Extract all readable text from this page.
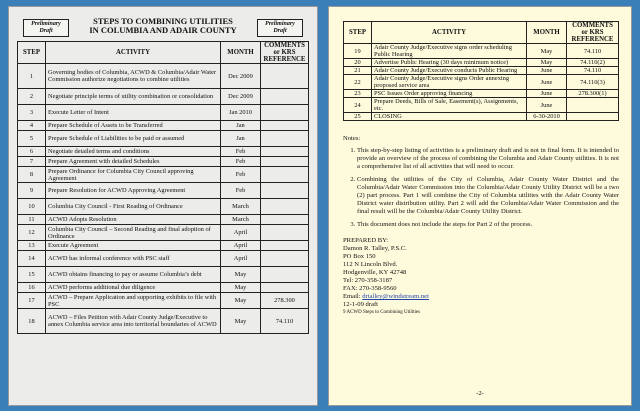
Preliminary Draft
STEPS TO COMBINING UTILITIES
IN COLUMBIA AND ADAIR COUNTY
Preliminary Draft
STEP	ACTIVITY	MONTH	COMMENTS or KRS REFERENCE
1	Governing bodies of Columbia, ACWD & Columbia/Adair Water Commission authorize negotiations to combine utilities	Dec 2009	
2	Negotiate principle terms of utility combination or consolidation	Dec 2009	
3	Execute Letter of Intent	Jan 2010	
4	Prepare Schedule of Assets to be Transferred	Jan	
5	Prepare Schedule of Liabilities to be paid or assumed	Jan	
6	Negotiate detailed terms and conditions	Feb	
7	Prepare Agreement with detailed Schedules	Feb	
8	Prepare Ordinance for Columbia City Council approving Agreement	Feb	
9	Prepare Resolution for ACWD Approving Agreement	Feb	
10	Columbia City Council - First Reading of Ordinance	March	
11	ACWD Adopts Resolution	March	
12	Columbia City Council – Second Reading and final adoption of Ordinance	April	
13	Execute Agreement	April	
14	ACWD has informal conference with PSC staff	April	
15	ACWD obtains financing to pay or assume Columbia’s debt	May	
16	ACWD performs additional due diligence	May	
17	ACWD – Prepare Application and supporting exhibits to file with PSC	May	278.300
18	ACWD – Files Petition with Adair County Judge/Executive to annex Columbia service area into territorial boundaries of ACWD	May	74.110
STEP	ACTIVITY	MONTH	COMMENTS or KRS REFERENCE
19	Adair County Judge/Executive signs order scheduling Public Hearing	May	74.110
20	Advertise Public Hearing (30 days minimum notice)	May	74.110(2)
21	Adair County Judge/Executive conducts Public Hearing	June	74.110
22	Adair County Judge/Executive signs Order annexing proposed service area	June	74.110(3)
23	PSC Issues Order approving financing	June	278.300(1)
24	Prepare Deeds, Bills of Sale, Easement(s), Assignments, etc.	June	
25	CLOSING	6-30-2010	
Notes:
1. This step-by-step listing of activities is a preliminary draft and is not in final form. It is intended to provide an overview of the process of combining the Columbia and Adair County utilities. It is not a comprehensive list of all activities that will need to occur.
2. Combining the utilities of the City of Columbia, Adair County Water District and the Columbia/Adair Water Commission into the Columbia/Adair County Utility District will be a two (2) part process. Part 1 will combine the City of Columbia utilities with the Adair County Water District water distribution utility. Part 2 will add the Columbia/Adair Water Commission and the final result will be the Columbia/Adair County Utility District.
3. This document does not include the steps for Part 2 of the process.
PREPARED BY:
Damon R. Talley, P.S.C.
PO Box 150
112 N Lincoln Blvd.
Hodgenville, KY 42748
Tel: 270-358-3187
FAX: 270-358-9560
Email: drtalley@windstream.net
12-1-09 draft
9 ACWD Steps to Combining Utilities
-2-
